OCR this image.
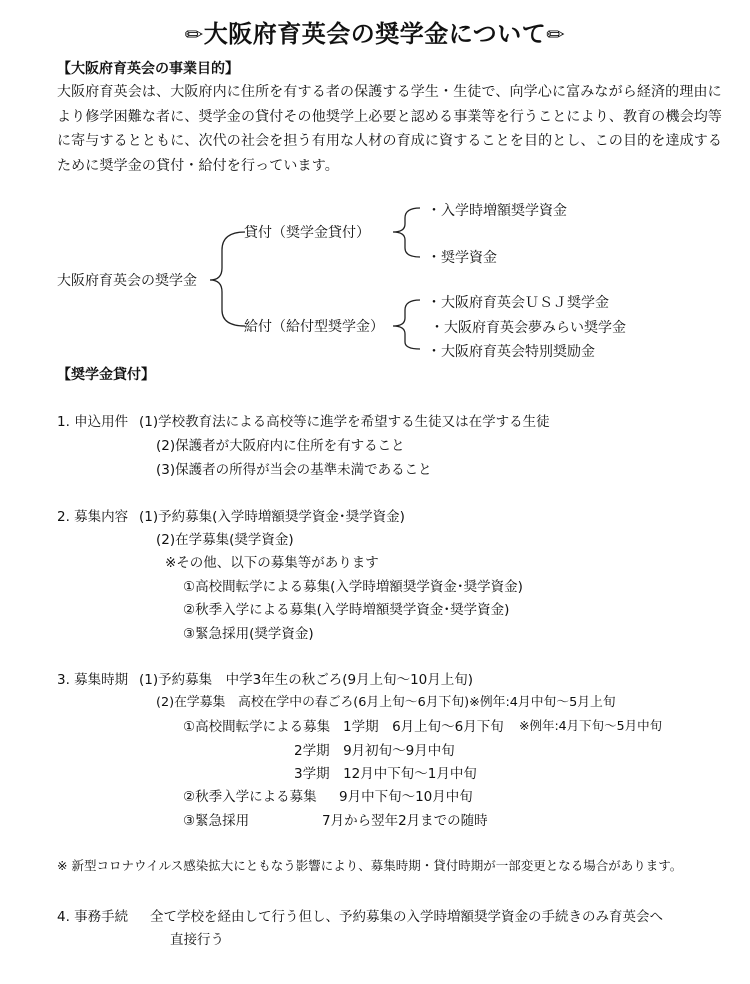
✏大阪府育英会の奨学金について✏
【大阪府育英会の事業目的】
大阪府育英会は、大阪府内に住所を有する者の保護する学生・生徒で、向学心に富みながら経済的理由により修学困難な者に、奨学金の貸付その他奨学上必要と認める事業等を行うことにより、教育の機会均等に寄与するとともに、次代の社会を担う有用な人材の育成に資することを目的とし、この目的を達成するために奨学金の貸付・給付を行っています。
大阪府育英会の奨学金
貸付（奨学金貸付）
・入学時増額奨学資金
・奨学資金
給付（給付型奨学金）
・大阪府育英会ＵＳＪ奨学金
・大阪府育英会夢みらい奨学金
・大阪府育英会特別奨励金
【奨学金貸付】
1. 申込用件 (1)学校教育法による高校等に進学を希望する生徒又は在学する生徒
(2)保護者が大阪府内に住所を有すること
(3)保護者の所得が当会の基準未満であること
2. 募集内容 (1)予約募集(入学時増額奨学資金･奨学資金)
(2)在学募集(奨学資金)
※その他、以下の募集等があります
①高校間転学による募集(入学時増額奨学資金･奨学資金)
②秋季入学による募集(入学時増額奨学資金･奨学資金)
③緊急採用(奨学資金)
3. 募集時期 (1)予約募集　中学3年生の秋ごろ(9月上旬～10月上旬)
(2)在学募集　高校在学中の春ごろ(6月上旬～6月下旬)※例年:4月中旬～5月上旬
①高校間転学による募集 1学期　6月上旬～6月下旬 ※例年:4月下旬～5月中旬
2学期　9月初旬～9月中旬
3学期　12月中下旬～1月中旬
②秋季入学による募集 9月中下旬～10月中旬
③緊急採用	7月から翌年2月までの随時
※ 新型コロナウイルス感染拡大にともなう影響により、募集時期・貸付時期が一部変更となる場合があります。
4. 事務手続 全て学校を経由して行う但し、予約募集の入学時増額奨学資金の手続きのみ育英会へ
直接行う
